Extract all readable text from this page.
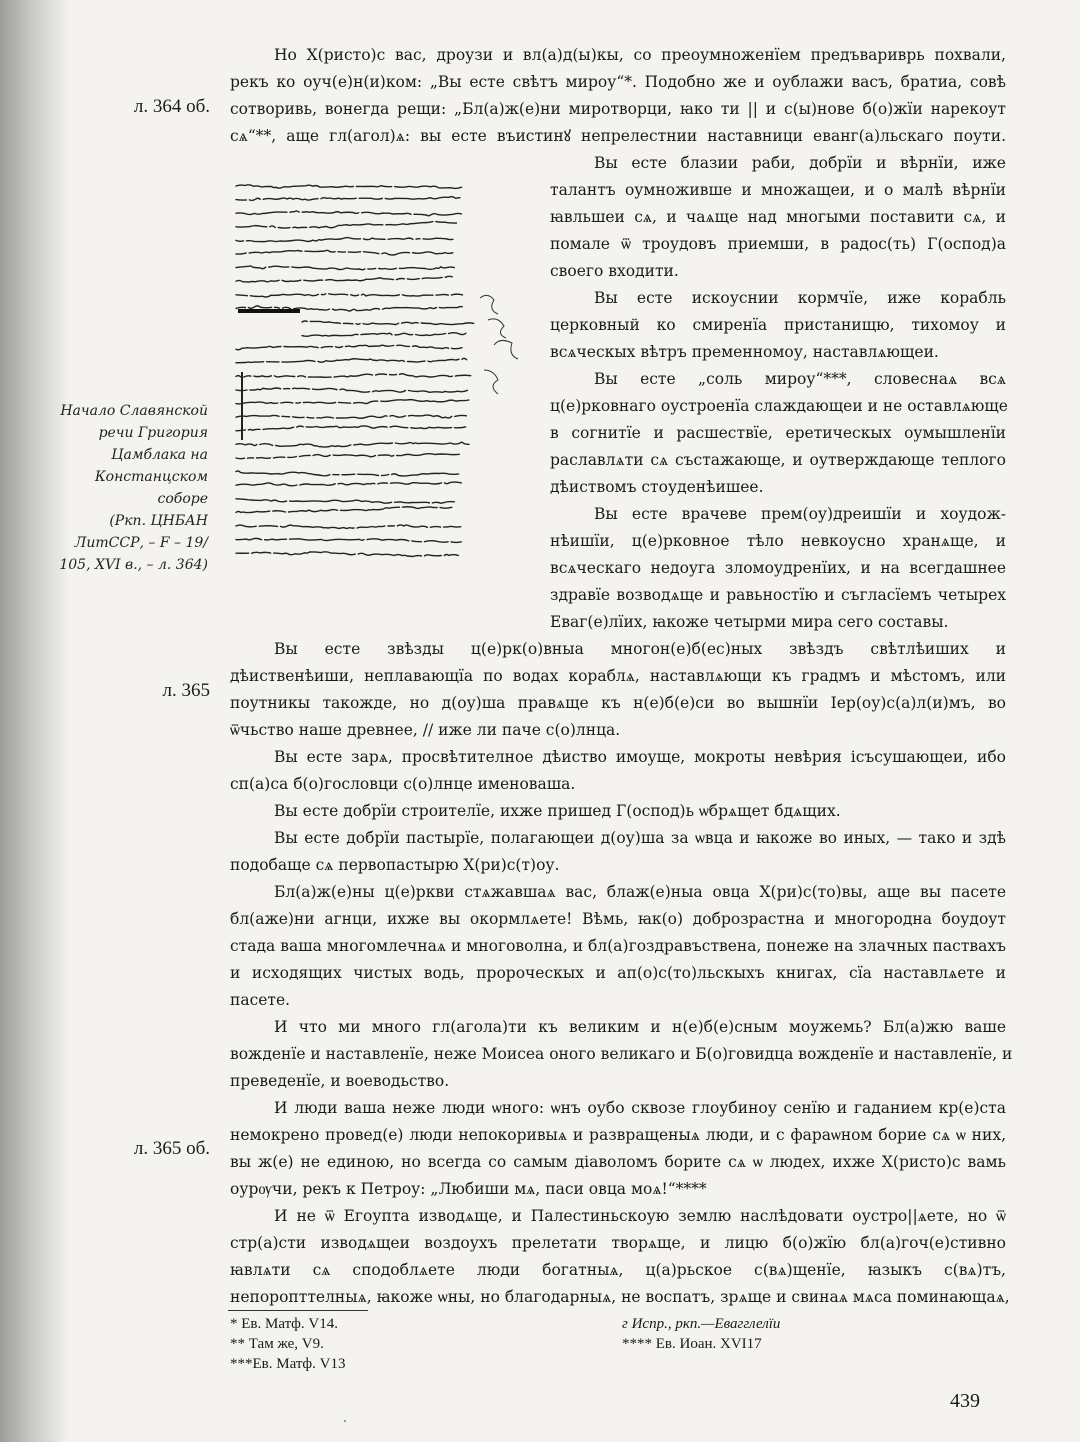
л. 364 об.
л. 365
л. 365 об.
Начало Славянской
речи Григория
Цамблака на
Констанцском
соборе
(Ркп. ЦНБАН
ЛитССР, – F – 19/
105, XVI в., – л. 364)
Но Х(ристо)с вас, дроузи и вл(а)д(ы)кы, со преоумноженїем предъвариврь похвали,
рекъ ко оуч(е)н(и)ком: „Вы есте свѣтъ мироу“*. Подобно же и оублажи васъ, братиа, совѣ
сотворивь, вонегда рещи: „Бл(а)ж(е)ни миротворци, ꙗко ти || и с(ы)нове б(о)жїи нарекоут
сѧ“**, аще гл(агол)ѧ: вы есте въистинꙋ непрелестнии наставници еванг(а)льскаго поути.
Вы есте блазии раби, добрїи и вѣрнїи, иже
талантъ оумноживше и множащеи, и о малѣ вѣрнїи
ꙗвльшеи сѧ, и чаѧще над многыми поставити сѧ, и
помале ѿ троудовъ приемши, в радос(ть) Г(оспод)а
своего входити.
Вы есте искоуснии кормчїе, иже корабль
церковный ко смиренїа пристанищю, тихомоу и
всѧческых вѣтръ пременномоу, наставлѧющеи.
Вы есте „соль мироу“***, словеснаѧ всѧ
ц(е)рковнаго оустроенїа слаждающеи и не оставлѧюще
в согнитїе и расшествїе, еретическых оумышленїи
раславлѧти сѧ състажающе, и оутверждающе теплого
дѣиствомъ стоуденѣишее.
Вы есте врачеве прем(оу)дреишїи и хоудож-
нѣишїи, ц(е)рковное тѣло невкоусно хранѧще, и
всѧческаго недоуга зломоудренїих, и на всегдашнее
здравїе возводѧще и равьностїю и съгласїемъ четырех
Еваг(е)лїих, ꙗкоже четырми мира сего составы.
Вы есте звѣзды ц(е)рк(о)вныа многон(е)б(ес)ных звѣздъ свѣтлѣиших и
дѣиственѣиши, неплавающїа по водах кораблѧ, наставлѧющи къ градмъ и мѣстомъ, или
поутникы такожде, но д(оу)ша правѧще къ н(е)б(е)си во вышнїи Іер(оу)с(а)л(и)мъ, во
ѿчьство наше древнее, // иже ли паче с(о)лнца.
Вы есте зарѧ, просвѣтителное дѣиство имоуще, мокроты невѣрия ісъсушающеи, ибо
сп(а)са б(о)гословци с(о)лнце именоваша.
Вы есте добрїи строителїе, ихже пришед Г(оспод)ь ѡбрѧщет бдѧщих.
Вы есте добрїи пастырїе, полагающеи д(оу)ша за ѡвца и ꙗкоже во иных, — тако и здѣ
подобаще сѧ первопастырю Х(ри)с(т)оу.
Бл(а)ж(е)ны ц(е)ркви стѧжавшаѧ вас, блаж(е)ныа овца Х(ри)с(то)вы, аще вы пасете
бл(аже)ни агнци, ихже вы окормлѧете! Вѣмь, ꙗк(о) доброзрастна и многородна боудоут
стада ваша многомлечнаѧ и многоволна, и бл(а)гоздравъствена, понеже на злачных паствахъ
и исходящих чистых водь, пророческых и ап(о)с(то)льскыхъ книгах, сїа наставлѧете и
пасете.
И что ми много гл(агола)ти къ великим и н(е)б(е)сным моужемь? Бл(а)жю ваше
вожденїе и наставленїе, неже Моисеа оного великаго и Б(о)говидца вожденїе и наставленїе, и
преведенїе, и воеводьство.
И люди ваша неже люди ѡного: ѡнъ оубо сквозе глоубиноу сенїю и гаданием кр(е)ста
немокрено провед(е) люди непокоривыѧ и развращеныѧ люди, и с фараѡном борие сѧ ѡ них,
вы ж(е) не единою, но всегда со самым дiаволомъ борите сѧ ѡ людех, ихже Х(ристо)с вамь
оурѹчи, рекъ к Петроу: „Любиши мѧ, паси овца моѧ!“****
И не ѿ Егоупта изводѧще, и Палестиньскоую землю наслѣдовати оустро||ѧете, но ѿ
стр(а)сти изводѧщеи воздоухъ прелетати творѧще, и лицю б(о)жїю бл(а)гоч(е)стивно
ꙗвлѧти сѧ сподоблѧете люди богатныѧ, ц(а)рьское с(вѧ)щенїе, ꙗзыкъ с(вѧ)тъ,
непоропттелныѧ, ꙗкоже ѡны, но благодарныѧ, не воспатъ, зрѧще и свинаѧ мѧса поминающаѧ,
* Ев. Матф. V14.
** Там же, V9.
***Ев. Матф. V13
г Испр., ркп.—Евагглелїи
**** Ев. Иоан. XVI17
439
